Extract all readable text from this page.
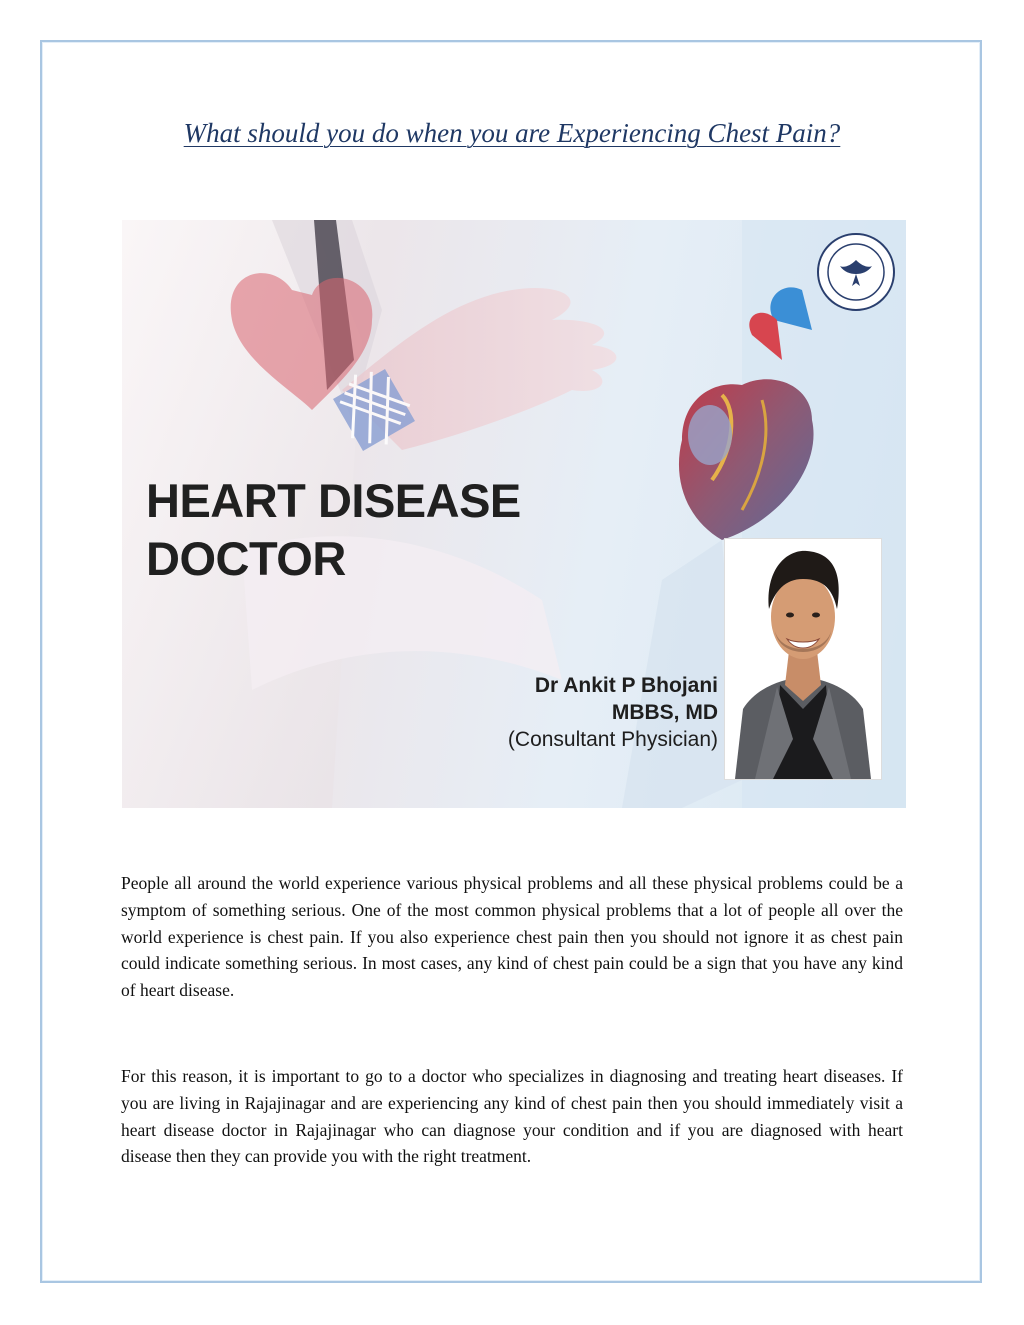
What should you do when you are Experiencing Chest Pain?
HEART DISEASE
DOCTOR
Dr Ankit P Bhojani
MBBS, MD
(Consultant Physician)

People all around the world experience various physical problems and all these physical problems could be a symptom of something serious. One of the most common physical problems that a lot of people all over the world experience is chest pain. If you also experience chest pain then you should not ignore it as chest pain could indicate something serious. In most cases, any kind of chest pain could be a sign that you have any kind of heart disease.

For this reason, it is important to go to a doctor who specializes in diagnosing and treating heart diseases. If you are living in Rajajinagar and are experiencing any kind of chest pain then you should immediately visit a heart disease doctor in Rajajinagar who can diagnose your condition and if you are diagnosed with heart disease then they can provide you with the right treatment.
